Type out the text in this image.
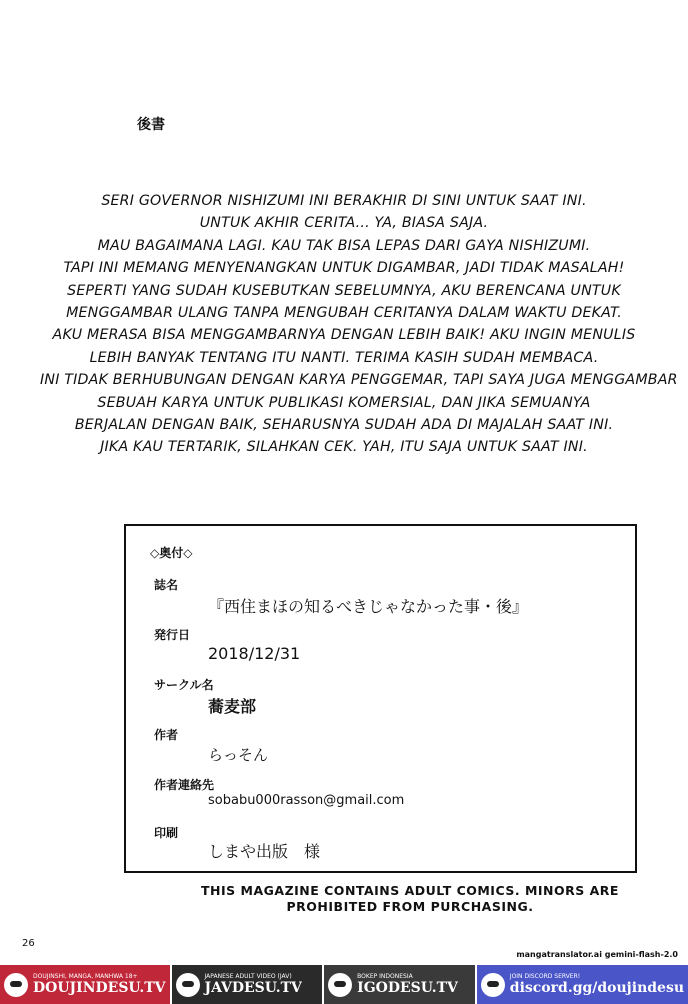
後書
SERI GOVERNOR NISHIZUMI INI BERAKHIR DI SINI UNTUK SAAT INI.
UNTUK AKHIR CERITA... YA, BIASA SAJA.
MAU BAGAIMANA LAGI. KAU TAK BISA LEPAS DARI GAYA NISHIZUMI.
TAPI INI MEMANG MENYENANGKAN UNTUK DIGAMBAR, JADI TIDAK MASALAH!
SEPERTI YANG SUDAH KUSEBUTKAN SEBELUMNYA, AKU BERENCANA UNTUK
MENGGAMBAR ULANG TANPA MENGUBAH CERITANYA DALAM WAKTU DEKAT.
AKU MERASA BISA MENGGAMBARNYA DENGAN LEBIH BAIK! AKU INGIN MENULIS
LEBIH BANYAK TENTANG ITU NANTI. TERIMA KASIH SUDAH MEMBACA.
INI TIDAK BERHUBUNGAN DENGAN KARYA PENGGEMAR, TAPI SAYA JUGA MENGGAMBAR
SEBUAH KARYA UNTUK PUBLIKASI KOMERSIAL, DAN JIKA SEMUANYA
BERJALAN DENGAN BAIK, SEHARUSNYA SUDAH ADA DI MAJALAH SAAT INI.
JIKA KAU TERTARIK, SILAHKAN CEK. YAH, ITU SAJA UNTUK SAAT INI.
◇奥付◇
誌名
『西住まほの知るべきじゃなかった事・後』
発行日
2018/12/31
サークル名
蕎麦部
作者
らっそん
作者連絡先
sobabu000rasson@gmail.com
印刷
しまや出版　様
THIS MAGAZINE CONTAINS ADULT COMICS. MINORS ARE
PROHIBITED FROM PURCHASING.
26
mangatranslator.ai gemini-flash-2.0
DOUJINSHI, MANGA, MANHWA 18+
DOUJINDESU.TV
JAPANESE ADULT VIDEO (JAV)
JAVDESU.TV
BOKEP INDONESIA
IGODESU.TV
JOIN DISCORD SERVER!
discord.gg/doujindesu
